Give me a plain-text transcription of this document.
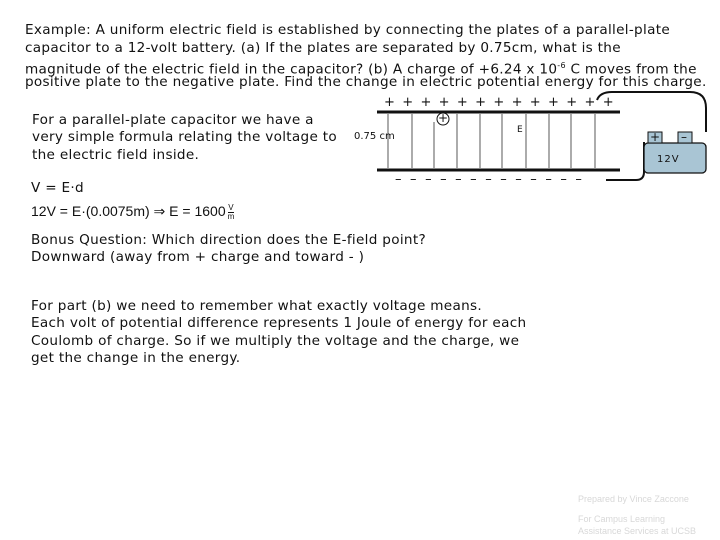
Example: A uniform electric field is established by connecting the plates of a parallel-plate
capacitor to a 12-volt battery. (a) If the plates are separated by 0.75cm, what is the
magnitude of the electric field in the capacitor? (b) A charge of +6.24 x $10^{-6}$ C moves from the
positive plate to the negative plate. Find the change in electric potential energy for this charge.
For a parallel-plate capacitor we have a
very simple formula relating the voltage to
the electric field inside.
V = E·d
12V = E·(0.0075m) ⇒ $E = 1600 \frac{V}{m}$
+ + + + + + + + + + + + +
– – – – – – – – – – – – –
0.75 cm
E
+
+ –
12V
Bonus Question: Which direction does the E-field point?
Downward (away from + charge and toward - )
For part (b) we need to remember what exactly voltage means.
Each volt of potential difference represents 1 Joule of energy for each
Coulomb of charge. So if we multiply the voltage and the charge, we
get the change in the energy.
Prepared by Vince Zaccone
For Campus Learning
Assistance Services at UCSB
